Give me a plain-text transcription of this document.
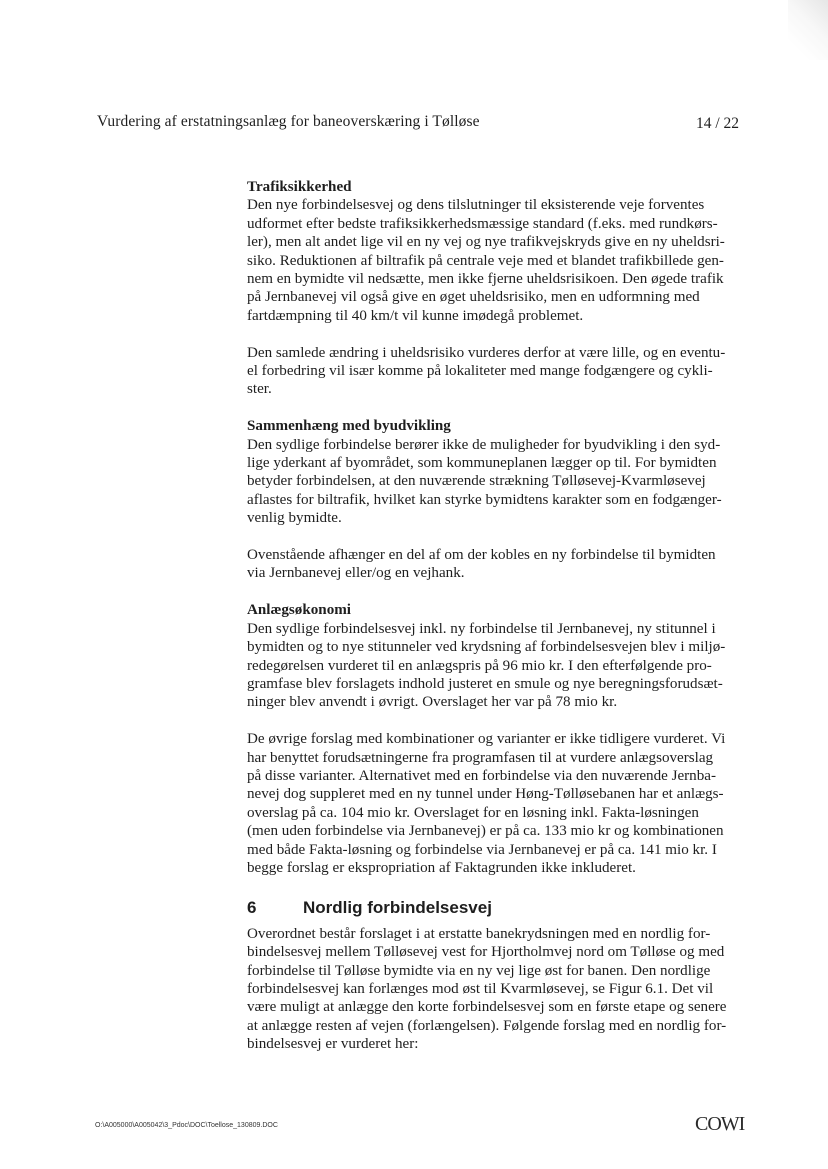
Vurdering af erstatningsanlæg for baneoverskæring i Tølløse	14 / 22

Trafiksikkerhed

Den nye forbindelsesvej og dens tilslutninger til eksisterende veje forventes

udformet efter bedste trafiksikkerhedsmæssige standard (f.eks. med rundkørs-

ler), men alt andet lige vil en ny vej og nye trafikvejskryds give en ny uheldsri-

siko. Reduktionen af biltrafik på centrale veje med et blandet trafikbillede gen-

nem en bymidte vil nedsætte, men ikke fjerne uheldsrisikoen. Den øgede trafik

på Jernbanevej vil også give en øget uheldsrisiko, men en udformning med

fartdæmpning til 40 km/t vil kunne imødegå problemet.

Den samlede ændring i uheldsrisiko vurderes derfor at være lille, og en eventu-

el forbedring vil især komme på lokaliteter med mange fodgængere og cykli-

ster.

Sammenhæng med byudvikling

Den sydlige forbindelse berører ikke de muligheder for byudvikling i den syd-

lige yderkant af byområdet, som kommuneplanen lægger op til. For bymidten

betyder forbindelsen, at den nuværende strækning Tølløsevej-Kvarmløsevej

aflastes for biltrafik, hvilket kan styrke bymidtens karakter som en fodgænger-

venlig bymidte.

Ovenstående afhænger en del af om der kobles en ny forbindelse til bymidten

via Jernbanevej eller/og en vejhank.

Anlægsøkonomi

Den sydlige forbindelsesvej inkl. ny forbindelse til Jernbanevej, ny stitunnel i

bymidten og to nye stitunneler ved krydsning af forbindelsesvejen blev i miljø-

redegørelsen vurderet til en anlægspris på 96 mio kr. I den efterfølgende pro-

gramfase blev forslagets indhold justeret en smule og nye beregningsforudsæt-

ninger blev anvendt i øvrigt. Overslaget her var på 78 mio kr.

De øvrige forslag med kombinationer og varianter er ikke tidligere vurderet. Vi

har benyttet forudsætningerne fra programfasen til at vurdere anlægsoverslag

på disse varianter. Alternativet med en forbindelse via den nuværende Jernba-

nevej dog suppleret med en ny tunnel under Høng-Tølløsebanen har et anlægs-

overslag på ca. 104 mio kr. Overslaget for en løsning inkl. Fakta-løsningen

(men uden forbindelse via Jernbanevej) er på ca. 133 mio kr og kombinationen

med både Fakta-løsning og forbindelse via Jernbanevej er på ca. 141 mio kr. I

begge forslag er ekspropriation af Faktagrunden ikke inkluderet.

6	Nordlig forbindelsesvej

Overordnet består forslaget i at erstatte banekrydsningen med en nordlig for-

bindelsesvej mellem Tølløsevej vest for Hjortholmvej nord om Tølløse og med

forbindelse til Tølløse bymidte via en ny vej lige øst for banen. Den nordlige

forbindelsesvej kan forlænges mod øst til Kvarmløsevej, se Figur 6.1. Det vil

være muligt at anlægge den korte forbindelsesvej som en første etape og senere

at anlægge resten af vejen (forlængelsen). Følgende forslag med en nordlig for-

bindelsesvej er vurderet her:

O:\A005000\A005042\3_Pdoc\DOC\Toellose_130809.DOC	COWI
